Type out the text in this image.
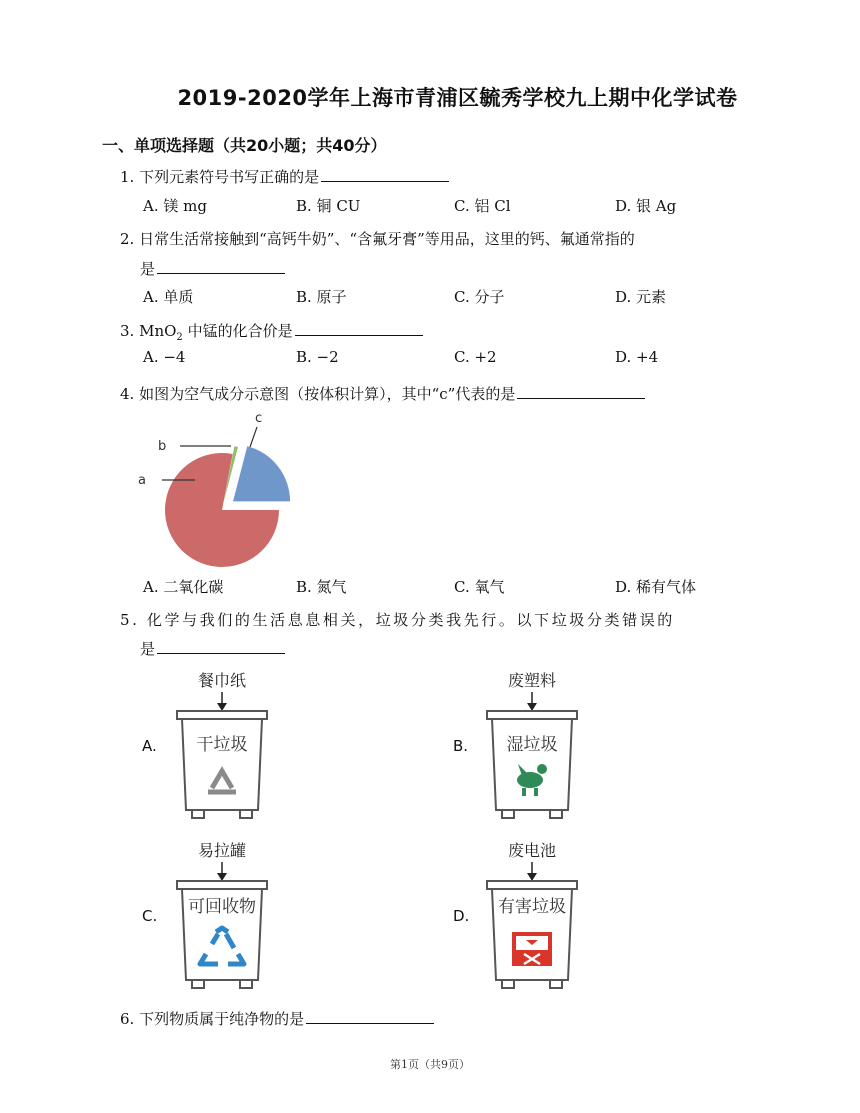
2019-2020学年上海市青浦区毓秀学校九上期中化学试卷
一、单项选择题（共20小题；共40分）
1. 下列元素符号书写正确的是
A. 镁 mg	B. 铜 CU	C. 铝 Cl	D. 银 Ag
2. 日常生活常接触到“高钙牛奶”、“含氟牙膏”等用品，这里的钙、氟通常指的
是
A. 单质	B. 原子	C. 分子	D. 元素
3. MnO$_2$ 中锰的化合价是
A. −4	B. −2	C. +2	D. +4
4. 如图为空气成分示意图（按体积计算），其中“c”代表的是
a
b
c
A. 二氧化碳	B. 氮气	C. 氧气	D. 稀有气体
5. 化学与我们的生活息息相关，垃圾分类我先行。以下垃圾分类错误的
是
A.
餐巾纸
干垃圾	B.
废塑料
湿垃圾
C.
易拉罐
可回收物	D.
废电池
有害垃圾
6. 下列物质属于纯净物的是
第1页（共9页）
